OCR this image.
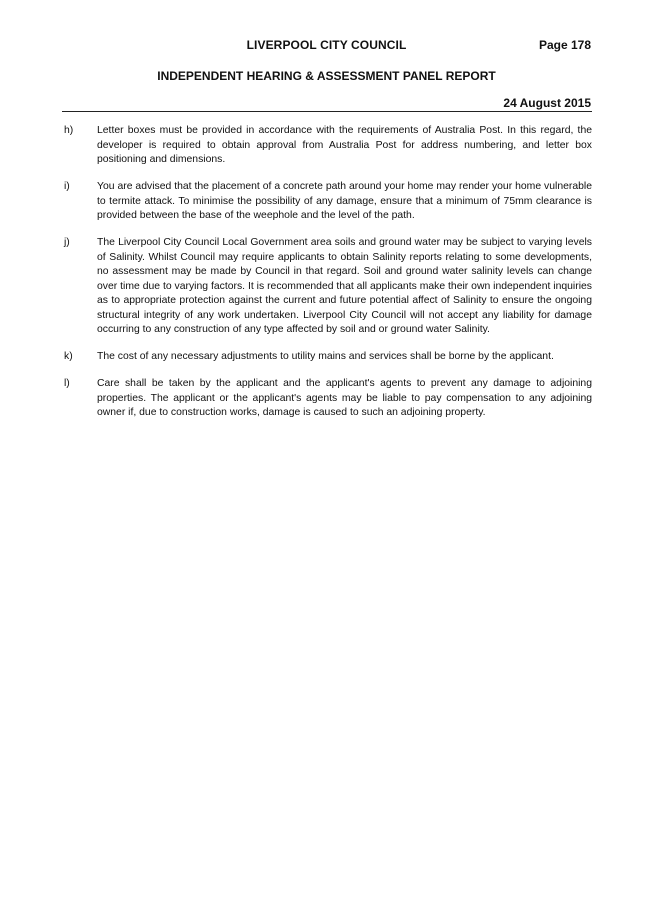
LIVERPOOL CITY COUNCIL	Page 178
INDEPENDENT HEARING & ASSESSMENT PANEL REPORT
24 August 2015
h) Letter boxes must be provided in accordance with the requirements of Australia Post. In this regard, the developer is required to obtain approval from Australia Post for address numbering, and letter box positioning and dimensions.
i)	You are advised that the placement of a concrete path around your home may render your home vulnerable to termite attack. To minimise the possibility of any damage, ensure that a minimum of 75mm clearance is provided between the base of the weephole and the level of the path.
j)	The Liverpool City Council Local Government area soils and ground water may be subject to varying levels of Salinity. Whilst Council may require applicants to obtain Salinity reports relating to some developments, no assessment may be made by Council in that regard. Soil and ground water salinity levels can change over time due to varying factors. It is recommended that all applicants make their own independent inquiries as to appropriate protection against the current and future potential affect of Salinity to ensure the ongoing structural integrity of any work undertaken. Liverpool City Council will not accept any liability for damage occurring to any construction of any type affected by soil and or ground water Salinity.
k) The cost of any necessary adjustments to utility mains and services shall be borne by the applicant.
l)	Care shall be taken by the applicant and the applicant's agents to prevent any damage to adjoining properties. The applicant or the applicant's agents may be liable to pay compensation to any adjoining owner if, due to construction works, damage is caused to such an adjoining property.
